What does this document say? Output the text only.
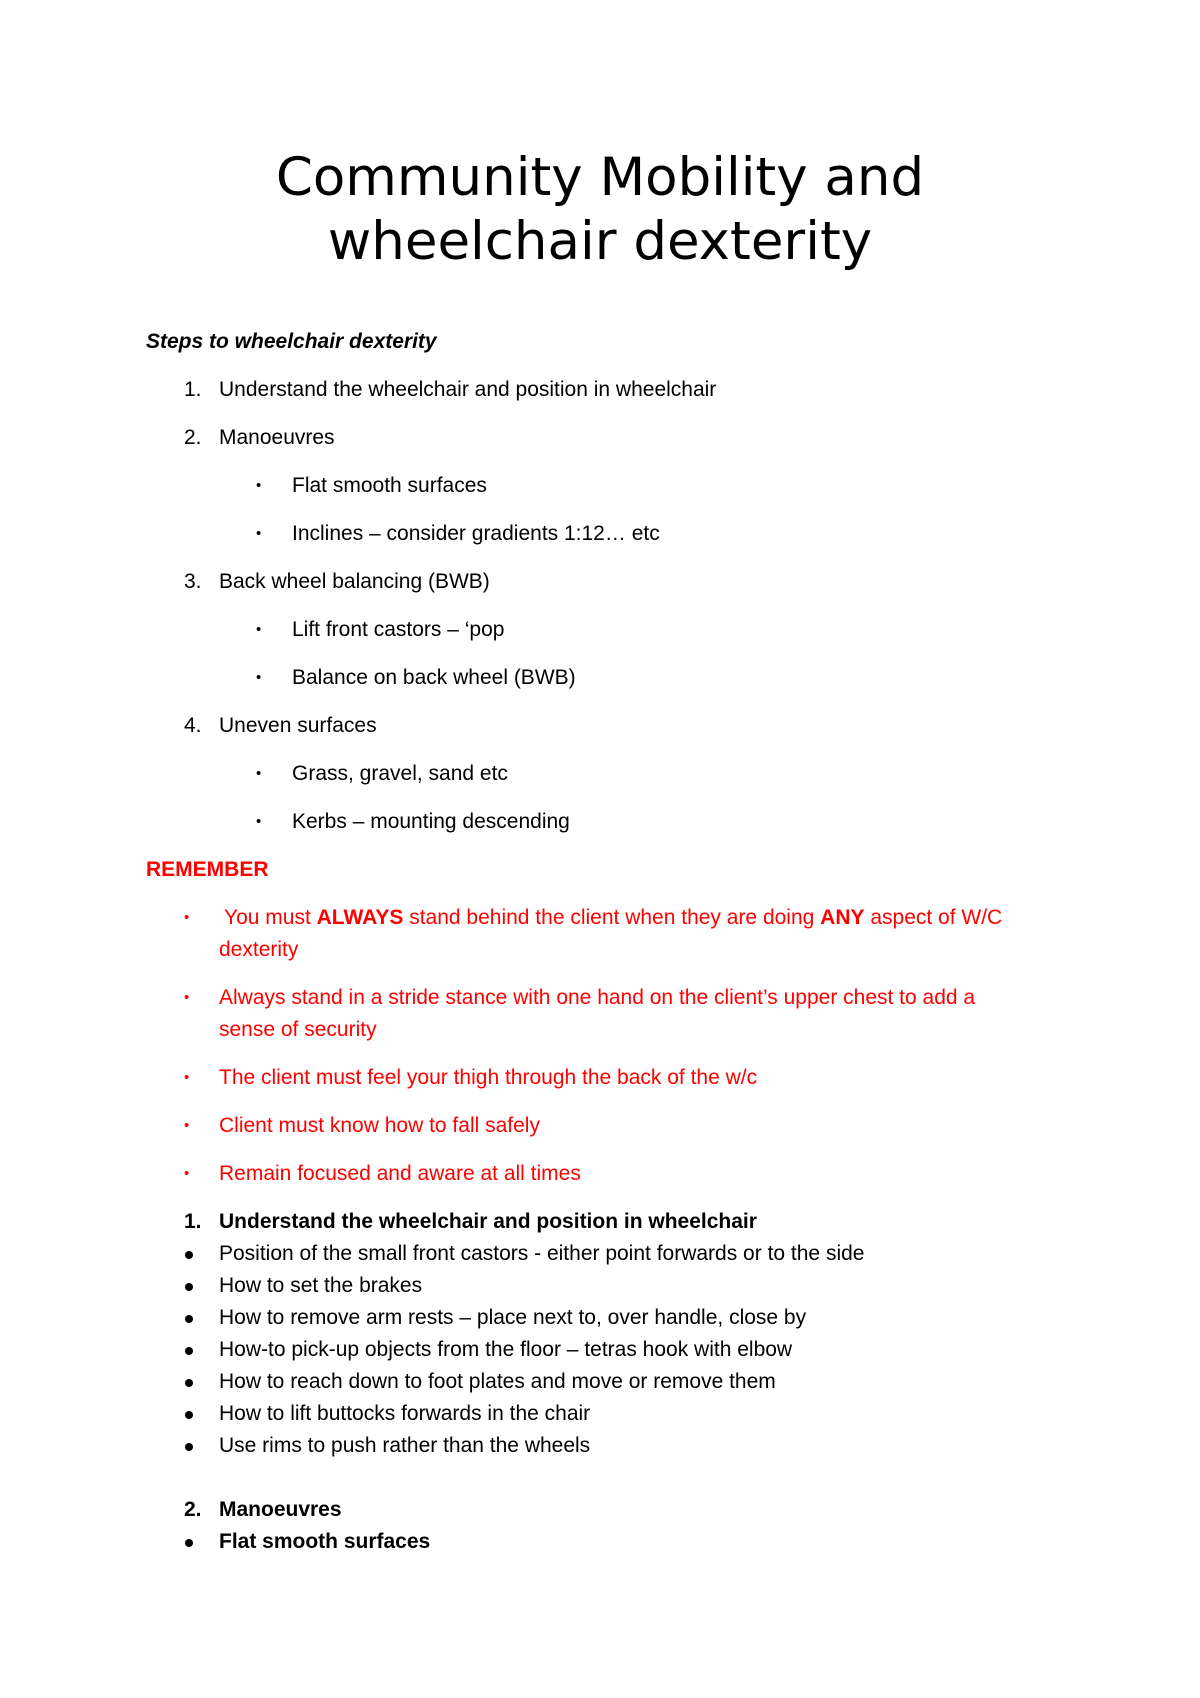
Community Mobility and
wheelchair dexterity
Steps to wheelchair dexterity
1. Understand the wheelchair and position in wheelchair
2. Manoeuvres
• Flat smooth surfaces
• Inclines – consider gradients 1:12… etc
3. Back wheel balancing (BWB)
• Lift front castors – ‘pop
• Balance on back wheel (BWB)
4. Uneven surfaces
• Grass, gravel, sand etc
• Kerbs – mounting descending
REMEMBER
• You must ALWAYS stand behind the client when they are doing ANY aspect of W/C
dexterity
• Always stand in a stride stance with one hand on the client’s upper chest to add a
sense of security
• The client must feel your thigh through the back of the w/c
• Client must know how to fall safely
• Remain focused and aware at all times
1. Understand the wheelchair and position in wheelchair
Position of the small front castors - either point forwards or to the side
How to set the brakes
How to remove arm rests – place next to, over handle, close by
How-to pick-up objects from the floor – tetras hook with elbow
How to reach down to foot plates and move or remove them
How to lift buttocks forwards in the chair
Use rims to push rather than the wheels
2. Manoeuvres
Flat smooth surfaces
